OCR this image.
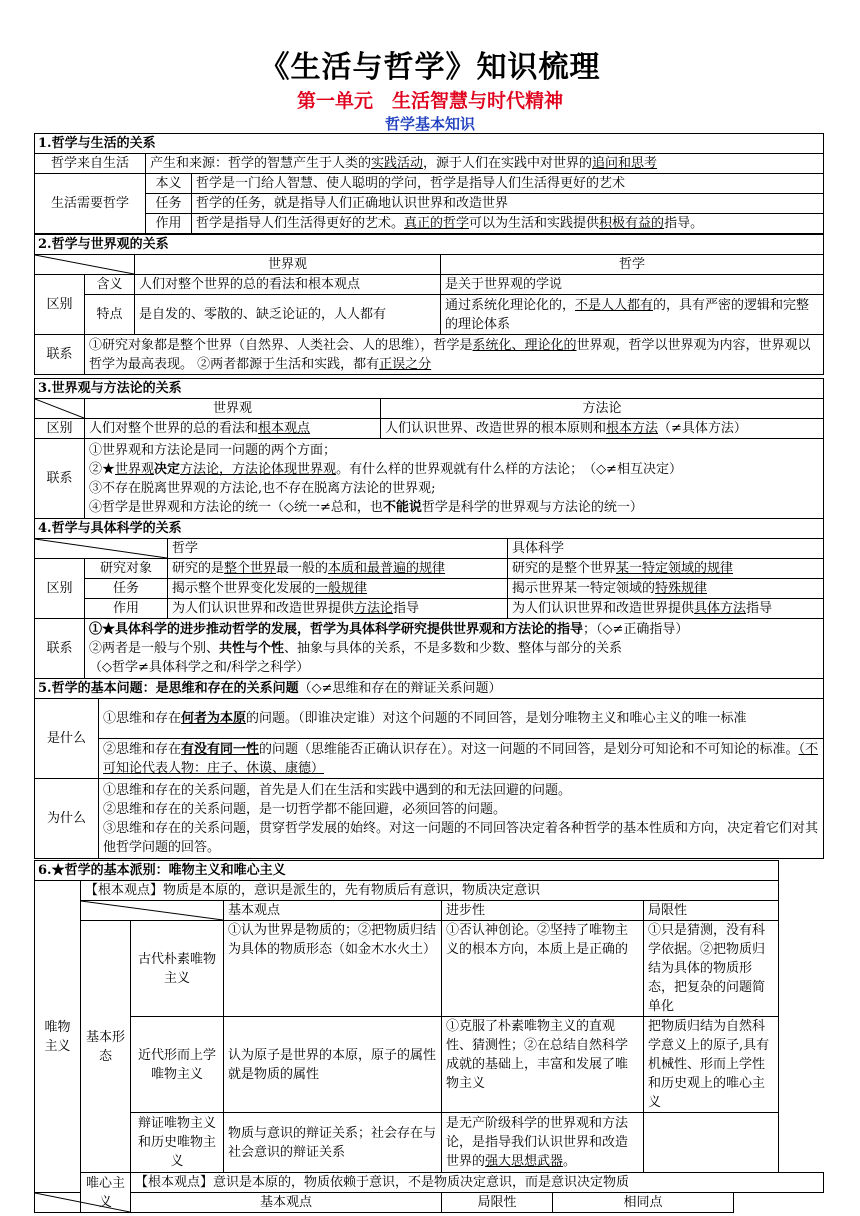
《生活与哲学》知识梳理
第一单元　生活智慧与时代精神
哲学基本知识
1.哲学与生活的关系		
哲学来自生活	产生和来源：哲学的智慧产生于人类的实践活动，源于人们在实践中对世界的追问和思考	
生活需要哲学	本义	哲学是一门给人智慧、使人聪明的学问，哲学是指导人们生活得更好的艺术
	任务	哲学的任务，就是指导人们正确地认识世界和改造世界
	作用	哲学是指导人们生活得更好的艺术。真正的哲学可以为生活和实践提供积极有益的指导。
2.哲学与世界观的关系			

	世界观	哲学
区别	含义	人们对整个世界的总的看法和根本观点	是关于世界观的学说
	特点	是自发的、零散的、缺乏论证的，人人都有	通过系统化理论化的，不是人人都有的，具有严密的逻辑和完整的理论体系
联系	①研究对象都是整个世界（自然界、人类社会、人的思维），哲学是系统化、理论化的世界观，哲学以世界观为内容，世界观以哲学为最高表现。 ②两者都源于生活和实践，都有正误之分		
3.世界观与方法论的关系		

	世界观	方法论
区别	人们对整个世界的总的看法和根本观点	人们认识世界、改造世界的根本原则和根本方法（≠具体方法）
联系	①世界观和方法论是同一问题的两个方面；
②★世界观决定方法论，方法论体现世界观。有什么样的世界观就有什么样的方法论；　（◇≠相互决定）
③不存在脱离世界观的方法论,也不存在脱离方法论的世界观;
④哲学是世界观和方法论的统一（◇统一≠总和，也不能说哲学是科学的世界观与方法论的统一）	
4.哲学与具体科学的关系			

	哲学	具体科学
区别	研究对象	研究的是整个世界最一般的本质和最普遍的规律	研究的是整个世界某一特定领域的规律
	任务	揭示整个世界变化发展的一般规律	揭示世界某一特定领域的特殊规律
	作用	为人们认识世界和改造世界提供方法论指导	为人们认识世界和改造世界提供具体方法指导
联系	①★具体科学的进步推动哲学的发展，哲学为具体科学研究提供世界观和方法论的指导；（◇≠正确指导）
②两者是一般与个别、共性与个性、抽象与具体的关系，不是多数和少数、整体与部分的关系
（◇哲学≠具体科学之和/科学之科学）		
5.哲学的基本问题：是思维和存在的关系问题（◇≠思维和存在的辩证关系问题）	
是什么	①思维和存在何者为本原的问题。（即谁决定谁）对这个问题的不同回答，是划分唯物主义和唯心主义的唯一标准
	②思维和存在有没有同一性的问题（思维能否正确认识存在）。对这一问题的不同回答，是划分可知论和不可知论的标准。（不可知论代表人物：庄子、休谟、康德）
为什么	①思维和存在的关系问题，首先是人们在生活和实践中遇到的和无法回避的问题。
②思维和存在的关系问题，是一切哲学都不能回避，必须回答的问题。
③思维和存在的关系问题，贯穿哲学发展的始终。对这一问题的不同回答决定着各种哲学的基本性质和方向，决定着它们对其他哲学问题的回答。
6.★哲学的基本派别：唯物主义和唯心主义						
唯物主义	【根本观点】物质是本原的，意识是派生的，先有物质后有意识，物质决定意识					

	基本观点	进步性		局限性
	基本形态	古代朴素唯物主义	①认为世界是物质的；②把物质归结为具体的物质形态（如金木水火土）	①否认神创论。②坚持了唯物主义的根本方向，本质上是正确的		①只是猜测，没有科学依据。②把物质归结为具体的物质形态，把复杂的问题简单化
		近代形而上学唯物主义	认为原子是世界的本原，原子的属性就是物质的属性	①克服了朴素唯物主义的直观性、猜测性；②在总结自然科学成就的基础上，丰富和发展了唯物主义		把物质归结为自然科学意义上的原子,具有机械性、形而上学性和历史观上的唯心主义
		辩证唯物主义和历史唯物主义	物质与意识的辩证关系；社会存在与社会意识的辩证关系	是无产阶级科学的世界观和方法论，是指导我们认识世界和改造世界的强大思想武器。		
	唯心主义	【根本观点】意识是本原的，物质依赖于意识，不是物质决定意识，而是意识决定物质				

	基本观点		局限性	相同点	
